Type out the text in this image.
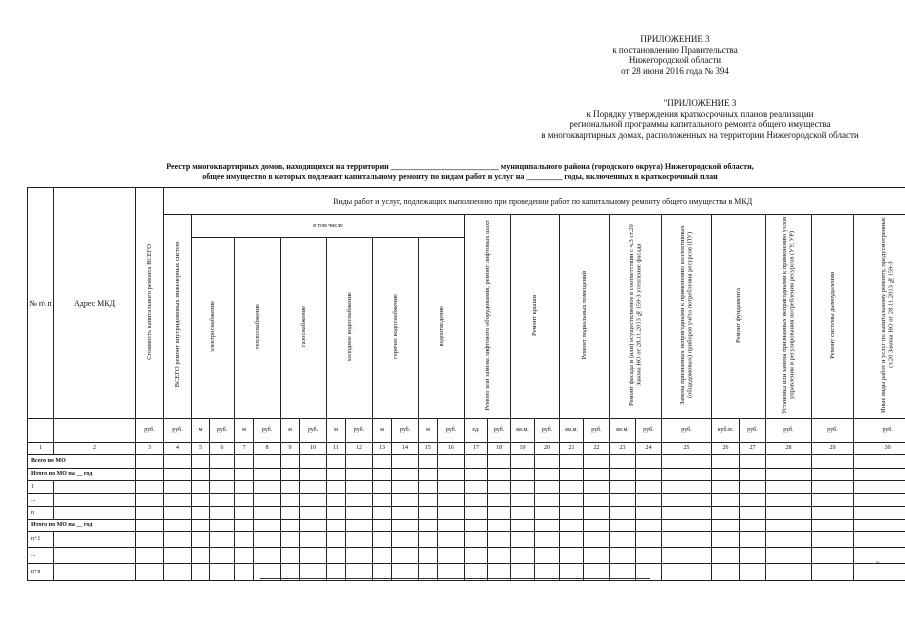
ПРИЛОЖЕНИЕ 3
к постановлению Правительства
Нижегородской области
от 28 июня 2016 года № 394
"ПРИЛОЖЕНИЕ 3
к Порядку утверждения краткосрочных планов реализации
региональной программы капитального ремонта общего имущества
в многоквартирных домах, расположенных на территории Нижегородской области
Реестр многоквартирных домов, находящихся на территории ___________________________ муниципального района (городского округа) Нижегородской области,
общее имущество в которых подлежит капитальному ремонту по видам работ и услуг на _________ годы, включенных в краткосрочный план
№ п\ п	Адрес МКД	Стоимость капитального ремонта ВСЕГО	Виды работ и услуг, подлежащих выполнению при проведении работ по капитальному ремонту общего имущества в МКД																										
			ВСЕГО ремонт внутридомовых инженерных систем	в том числе												Ремонт или замена лифтового оборудования, ремонт лифтовых шахт		Ремонт крыши		Ремонт подвальных помещений		Ремонт фасада и (или) осуществляемое в соответствии с ч.3 ст.20 Закона НО от 28.11.2013 №159-З утепление фасада		Замена признанных непригодными к применению коллективных (общедомовых) приборов учёта потребления ресурсов (ПУ)	Ремонт фундамента		Установка или замена признанных непригодными к применению узлов управления и регулирования потребления ресурсов (УУ, УР)	Ремонт системы дымоудаления	Иные виды работ и услуг по капитальному ремонту, предусмотренные ст.20 Закона НО от 28.11.2013 №159-З
				электроснабжение		теплоснабжение		газоснабжение		холодное водоснабжение		горячее водоснабжение		водоотведение															
		руб.	руб.	м	руб.	м	руб.	м	руб.	м	руб.	м	руб.	м	руб.	ед.	руб.	кв.м.	руб.	кв.м.	руб.	кв.м.	руб.	руб.	куб.м.	руб.	руб.	руб.	руб.
1	2	3	4	5	6	7	8	9	10	11	12	13	14	15	16	17	18	19	20	21	22	23	24	25	26	27	28	29	30
Всего по МО																													
Итого по МО на __ год																													
1																													
...																													
n																													
Итого по МО на __ год																													
n+1																													
...																													
n+n																													
"
